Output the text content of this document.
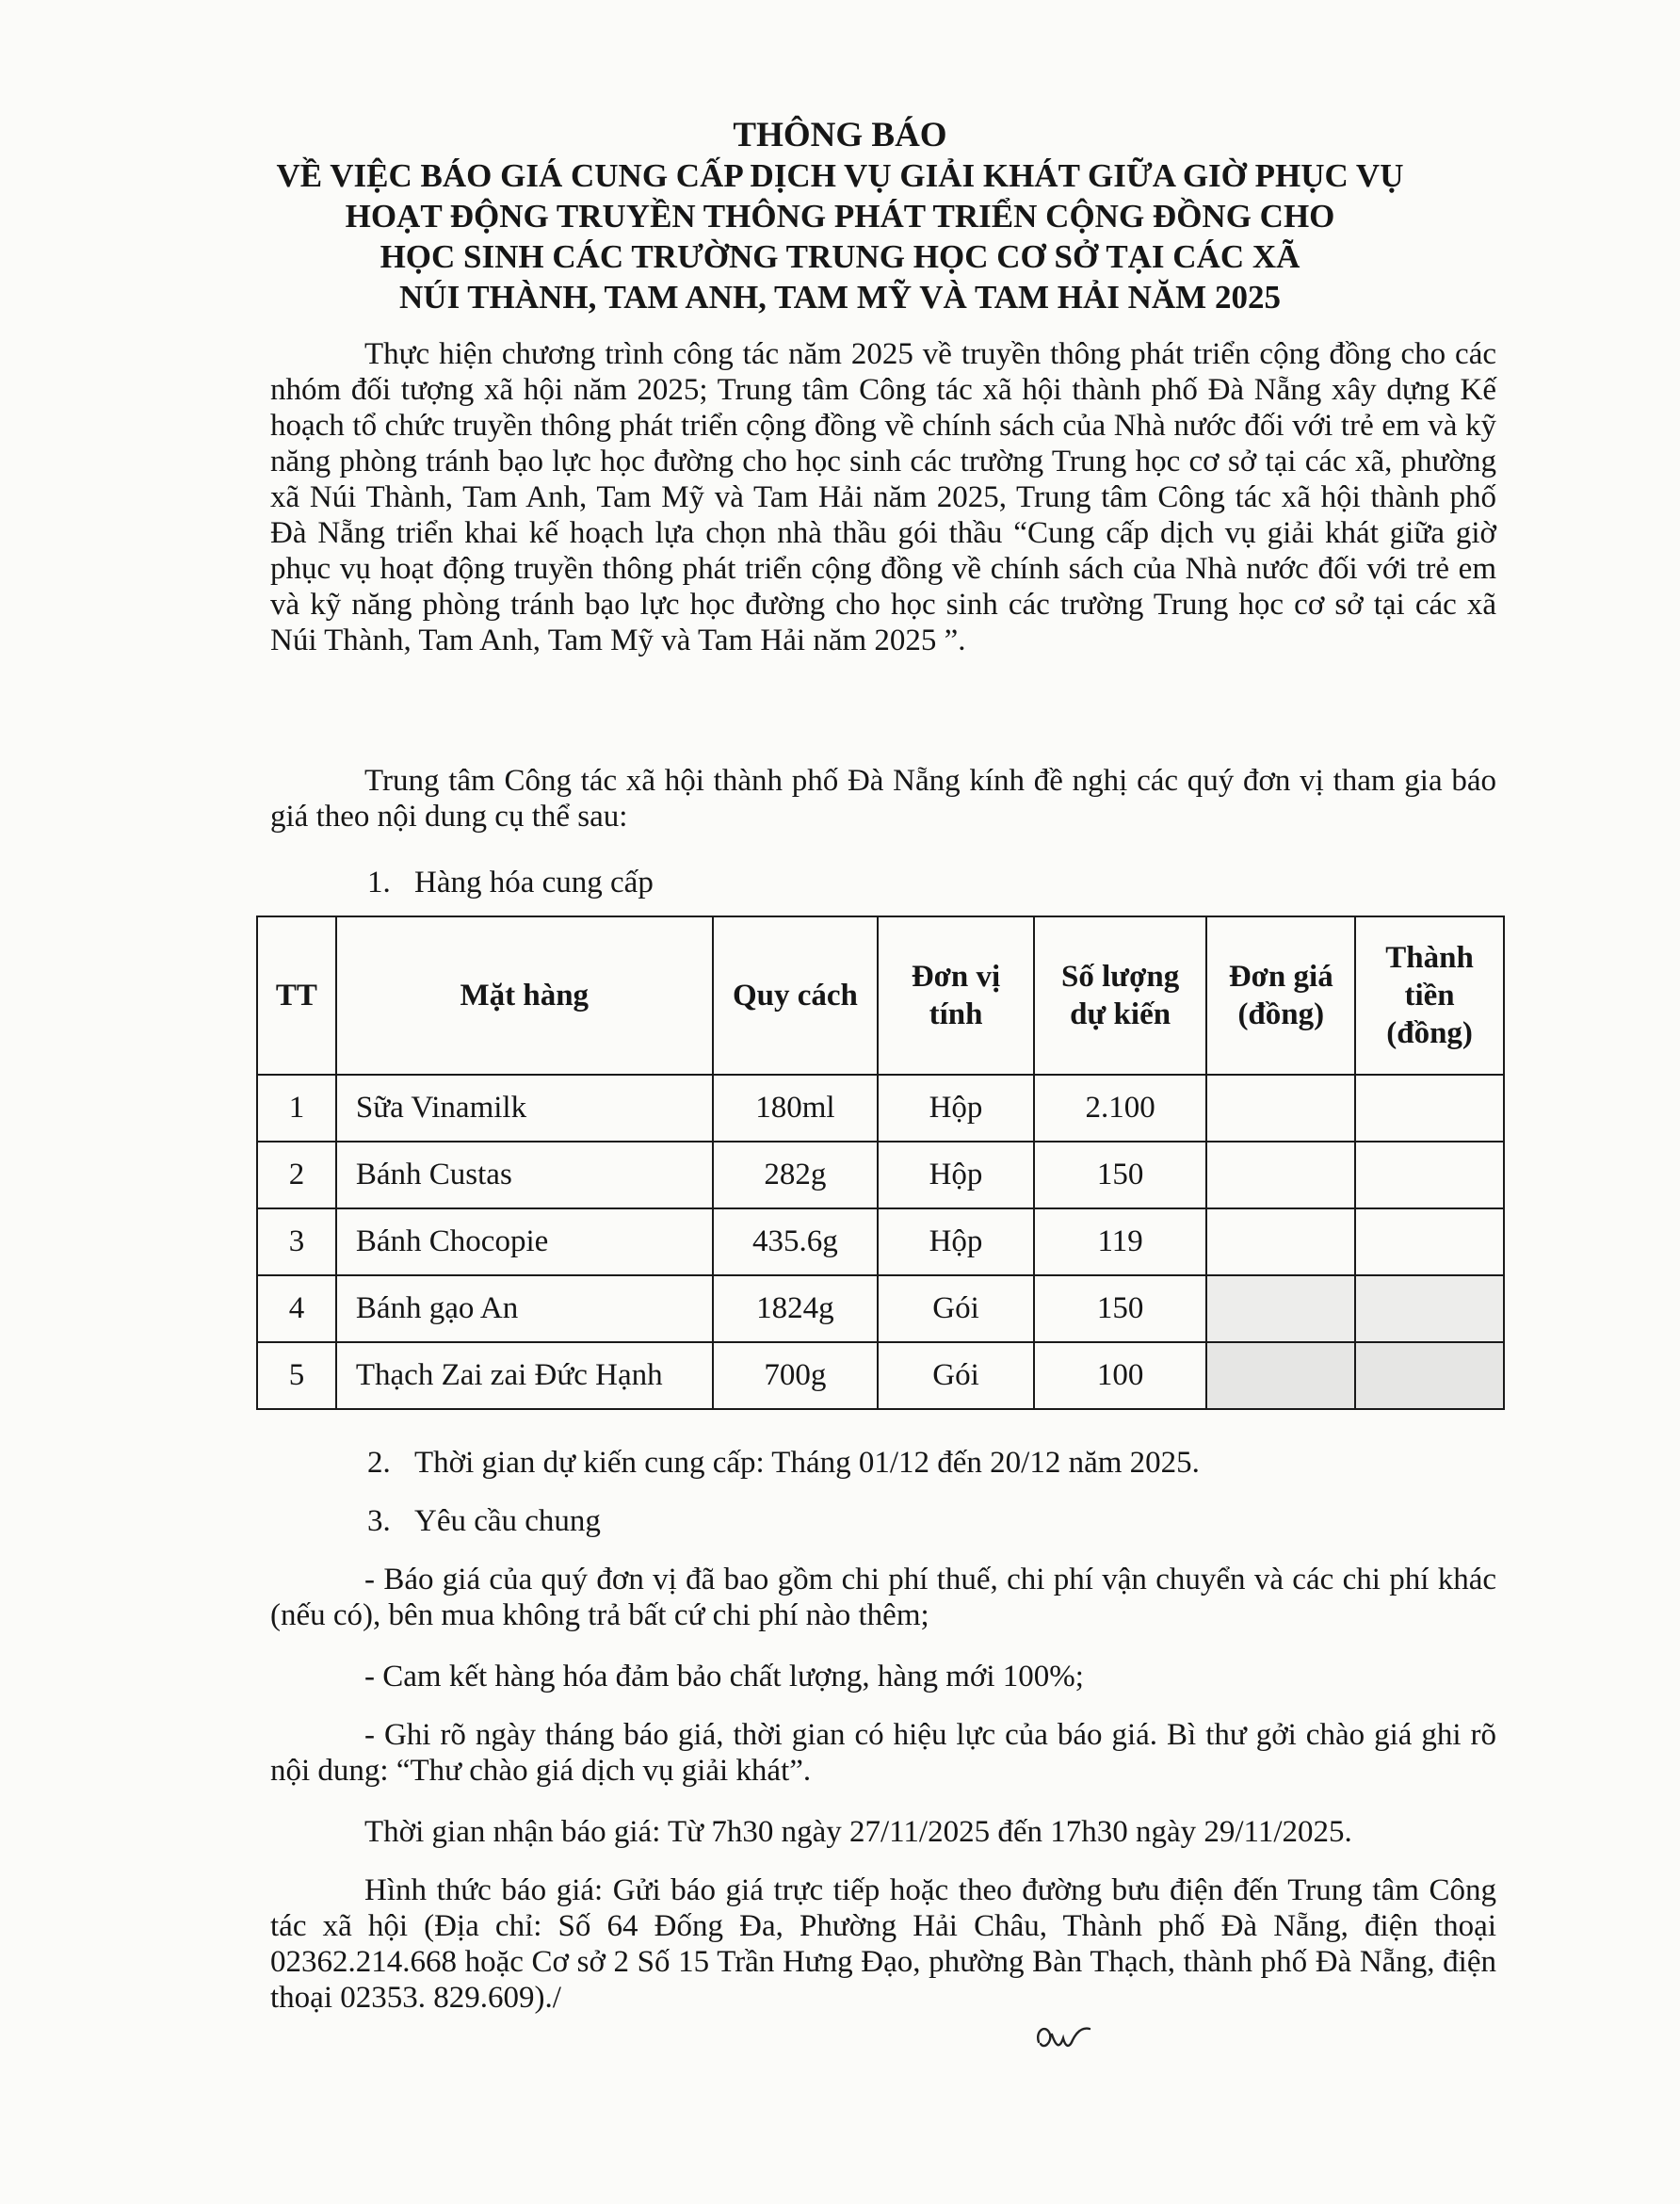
THÔNG BÁO

VỀ VIỆC BÁO GIÁ CUNG CẤP DỊCH VỤ GIẢI KHÁT GIỮA GIỜ PHỤC VỤ

HOẠT ĐỘNG TRUYỀN THÔNG PHÁT TRIỂN CỘNG ĐỒNG CHO

HỌC SINH CÁC TRƯỜNG TRUNG HỌC CƠ SỞ TẠI CÁC XÃ

NÚI THÀNH, TAM ANH, TAM MỸ VÀ TAM HẢI NĂM 2025

Thực hiện chương trình công tác năm 2025 về truyền thông phát triển cộng đồng cho các nhóm đối tượng xã hội năm 2025; Trung tâm Công tác xã hội thành phố Đà Nẵng xây dựng Kế hoạch tổ chức truyền thông phát triển cộng đồng về chính sách của Nhà nước đối với trẻ em và kỹ năng phòng tránh bạo lực học đường cho học sinh các trường Trung học cơ sở tại các xã, phường xã Núi Thành, Tam Anh, Tam Mỹ và Tam Hải năm 2025, Trung tâm Công tác xã hội thành phố Đà Nẵng triển khai kế hoạch lựa chọn nhà thầu gói thầu “Cung cấp dịch vụ giải khát giữa giờ phục vụ hoạt động truyền thông phát triển cộng đồng về chính sách của Nhà nước đối với trẻ em và kỹ năng phòng tránh bạo lực học đường cho học sinh các trường Trung học cơ sở tại các xã Núi Thành, Tam Anh, Tam Mỹ và Tam Hải năm 2025 ”.
Trung tâm Công tác xã hội thành phố Đà Nẵng kính đề nghị các quý đơn vị tham gia báo giá theo nội dung cụ thể sau:
1. Hàng hóa cung cấp
TT	Mặt hàng	Quy cách	Đơn vị tính	Số lượng dự kiến	Đơn giá (đồng)	Thành tiền (đồng)
1	Sữa Vinamilk	180ml	Hộp	2.100		
2	Bánh Custas	282g	Hộp	150		
3	Bánh Chocopie	435.6g	Hộp	119		
4	Bánh gạo An	1824g	Gói	150		
5	Thạch Zai zai Đức Hạnh	700g	Gói	100		
2. Thời gian dự kiến cung cấp: Tháng 01/12 đến 20/12 năm 2025.
3. Yêu cầu chung
- Báo giá của quý đơn vị đã bao gồm chi phí thuế, chi phí vận chuyển và các chi phí khác (nếu có), bên mua không trả bất cứ chi phí nào thêm;
- Cam kết hàng hóa đảm bảo chất lượng, hàng mới 100%;
- Ghi rõ ngày tháng báo giá, thời gian có hiệu lực của báo giá. Bì thư gởi chào giá ghi rõ nội dung: “Thư chào giá dịch vụ giải khát”.
Thời gian nhận báo giá: Từ 7h30 ngày 27/11/2025 đến 17h30 ngày 29/11/2025.
Hình thức báo giá: Gửi báo giá trực tiếp hoặc theo đường bưu điện đến Trung tâm Công tác xã hội (Địa chỉ: Số 64 Đống Đa, Phường Hải Châu, Thành phố Đà Nẵng, điện thoại 02362.214.668 hoặc Cơ sở 2 Số 15 Trần Hưng Đạo, phường Bàn Thạch, thành phố Đà Nẵng, điện thoại 02353. 829.609)./
